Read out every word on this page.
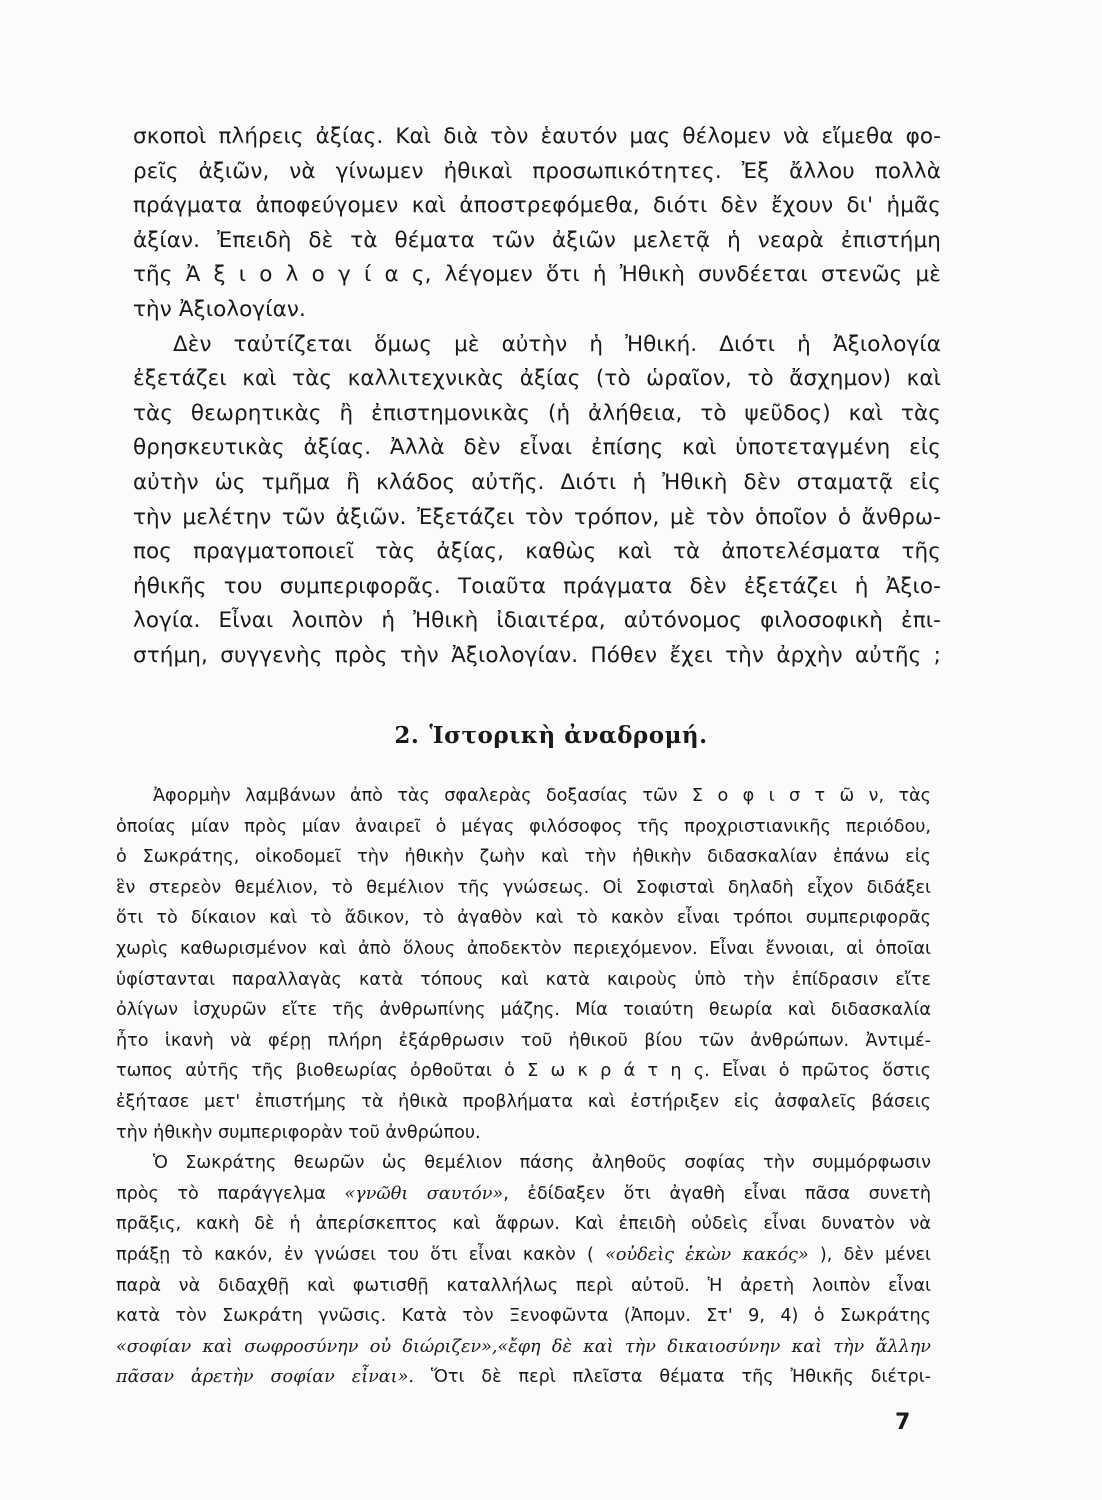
σκοποὶ πλήρεις ἀξίας. Καὶ διὰ τὸν ἑαυτόν μας θέλομεν νὰ εἴμεθα φο-
ρεῖς ἀξιῶν, νὰ γίνωμεν ἠθικαὶ προσωπικότητες. Ἐξ ἄλλου πολλὰ
πράγματα ἀποφεύγομεν καὶ ἀποστρεφόμεθα, διότι δὲν ἔχουν δι' ἡμᾶς
ἀξίαν. Ἐπειδὴ δὲ τὰ θέματα τῶν ἀξιῶν μελετᾷ ἡ νεαρὰ ἐπιστήμη
τῆς Ἀ ξ ι ο λ ο γ ί α ς, λέγομεν ὅτι ἡ Ἠθικὴ συνδέεται στενῶς μὲ
τὴν Ἀξιολογίαν.
Δὲν ταὐτίζεται ὅμως μὲ αὐτὴν ἡ Ἠθική. Διότι ἡ Ἀξιολογία
ἐξετάζει καὶ τὰς καλλιτεχνικὰς ἀξίας (τὸ ὡραῖον, τὸ ἄσχημον) καὶ
τὰς θεωρητικὰς ἢ ἐπιστημονικὰς (ἡ ἀλήθεια, τὸ ψεῦδος) καὶ τὰς
θρησκευτικὰς ἀξίας. Ἀλλὰ δὲν εἶναι ἐπίσης καὶ ὑποτεταγμένη εἰς
αὐτὴν ὡς τμῆμα ἢ κλάδος αὐτῆς. Διότι ἡ Ἠθικὴ δὲν σταματᾷ εἰς
τὴν μελέτην τῶν ἀξιῶν. Ἐξετάζει τὸν τρόπον, μὲ τὸν ὁποῖον ὁ ἄνθρω-
πος πραγματοποιεῖ τὰς ἀξίας, καθὼς καὶ τὰ ἀποτελέσματα τῆς
ἠθικῆς του συμπεριφορᾶς. Τοιαῦτα πράγματα δὲν ἐξετάζει ἡ Ἀξιο-
λογία. Εἶναι λοιπὸν ἡ Ἠθικὴ ἰδιαιτέρα, αὐτόνομος φιλοσοφικὴ ἐπι-
στήμη, συγγενὴς πρὸς τὴν Ἀξιολογίαν. Πόθεν ἔχει τὴν ἀρχὴν αὐτῆς ;
2. Ἱστορικὴ ἀναδρομή.
Ἀφορμὴν λαμβάνων ἀπὸ τὰς σφαλερὰς δοξασίας τῶν Σ ο φ ι σ τ ῶ ν, τὰς
ὁποίας μίαν πρὸς μίαν ἀναιρεῖ ὁ μέγας φιλόσοφος τῆς προχριστιανικῆς περιόδου,
ὁ Σωκράτης, οἰκοδομεῖ τὴν ἠθικὴν ζωὴν καὶ τὴν ἠθικὴν διδασκαλίαν ἐπάνω εἰς
ἓν στερεὸν θεμέλιον, τὸ θεμέλιον τῆς γνώσεως. Οἱ Σοφισταὶ δηλαδὴ εἶχον διδάξει
ὅτι τὸ δίκαιον καὶ τὸ ἄδικον, τὸ ἀγαθὸν καὶ τὸ κακὸν εἶναι τρόποι συμπεριφορᾶς
χωρὶς καθωρισμένον καὶ ἀπὸ ὅλους ἀποδεκτὸν περιεχόμενον. Εἶναι ἔννοιαι, αἱ ὁποῖαι
ὑφίστανται παραλλαγὰς κατὰ τόπους καὶ κατὰ καιροὺς ὑπὸ τὴν ἐπίδρασιν εἴτε
ὀλίγων ἰσχυρῶν εἴτε τῆς ἀνθρωπίνης μάζης. Μία τοιαύτη θεωρία καὶ διδασκαλία
ἦτο ἱκανὴ νὰ φέρῃ πλήρη ἐξάρθρωσιν τοῦ ἠθικοῦ βίου τῶν ἀνθρώπων. Ἀντιμέ-
τωπος αὐτῆς τῆς βιοθεωρίας ὀρθοῦται ὁ Σ ω κ ρ ά τ η ς. Εἶναι ὁ πρῶτος ὅστις
ἐξήτασε μετ' ἐπιστήμης τὰ ἠθικὰ προβλήματα καὶ ἐστήριξεν εἰς ἀσφαλεῖς βάσεις
τὴν ἠθικὴν συμπεριφορὰν τοῦ ἀνθρώπου.
Ὁ Σωκράτης θεωρῶν ὡς θεμέλιον πάσης ἀληθοῦς σοφίας τὴν συμμόρφωσιν
πρὸς τὸ παράγγελμα «γνῶθι σαυτόν», ἐδίδαξεν ὅτι ἀγαθὴ εἶναι πᾶσα συνετὴ
πρᾶξις, κακὴ δὲ ἡ ἀπερίσκεπτος καὶ ἄφρων. Καὶ ἐπειδὴ οὐδεὶς εἶναι δυνατὸν νὰ
πράξῃ τὸ κακόν, ἐν γνώσει του ὅτι εἶναι κακὸν ( «οὐδεὶς ἑκὼν κακός» ), δὲν μένει
παρὰ νὰ διδαχθῇ καὶ φωτισθῇ καταλλήλως περὶ αὐτοῦ. Ἡ ἀρετὴ λοιπὸν εἶναι
κατὰ τὸν Σωκράτη γνῶσις. Κατὰ τὸν Ξενοφῶντα (Ἀπομν. Στ' 9, 4) ὁ Σωκράτης
«σοφίαν καὶ σωφροσύνην οὐ διώριζεν»,«ἔφη δὲ καὶ τὴν δικαιοσύνην καὶ τὴν ἄλλην
πᾶσαν ἀρετὴν σοφίαν εἶναι». Ὅτι δὲ περὶ πλεῖστα θέματα τῆς Ἠθικῆς διέτρι-
7
